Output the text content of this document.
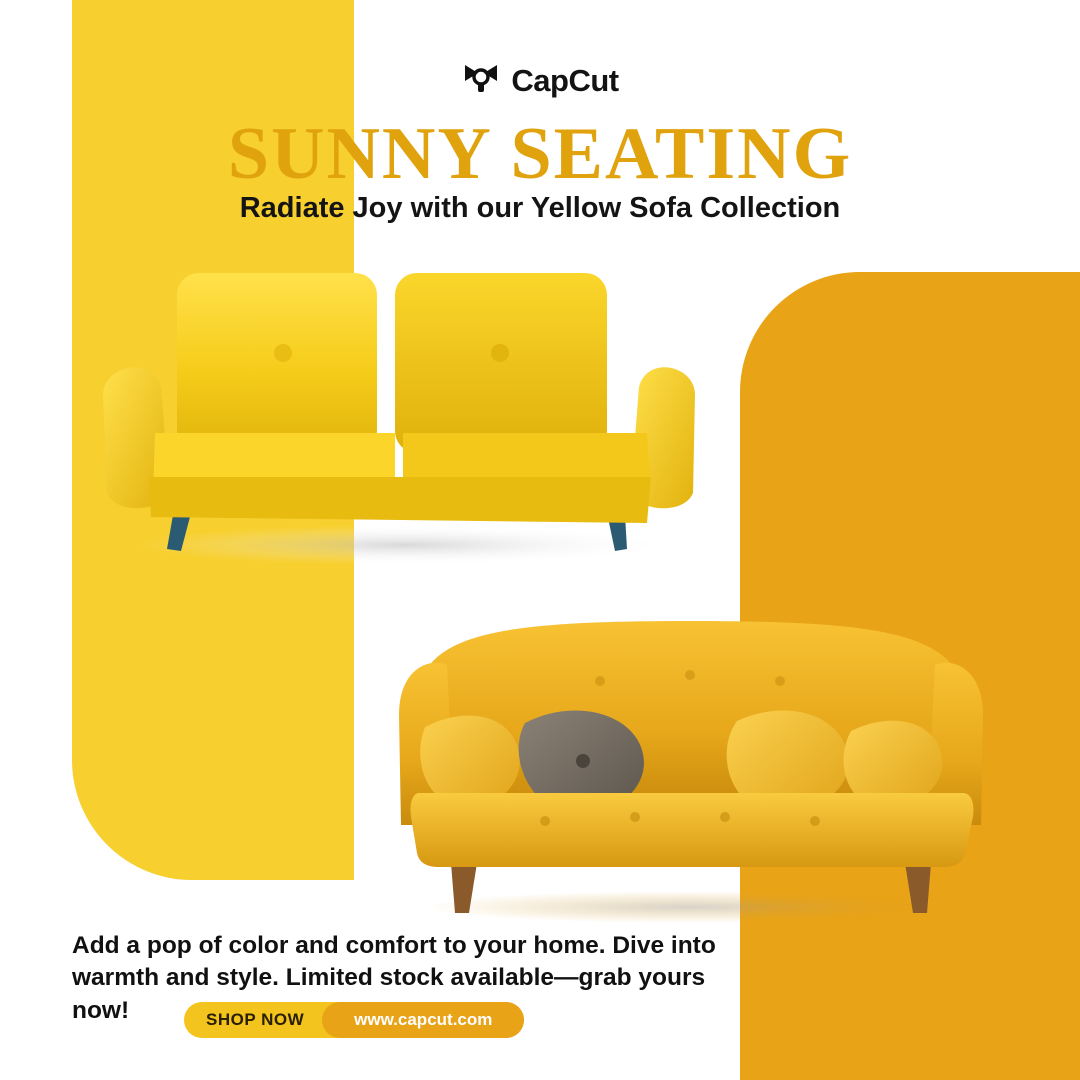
CapCut
SUNNY SEATING
Radiate Joy with our Yellow Sofa Collection
Add a pop of color and comfort to your home. Dive into warmth and style. Limited stock available—grab yours now!	SHOP NOW	www.capcut.com
